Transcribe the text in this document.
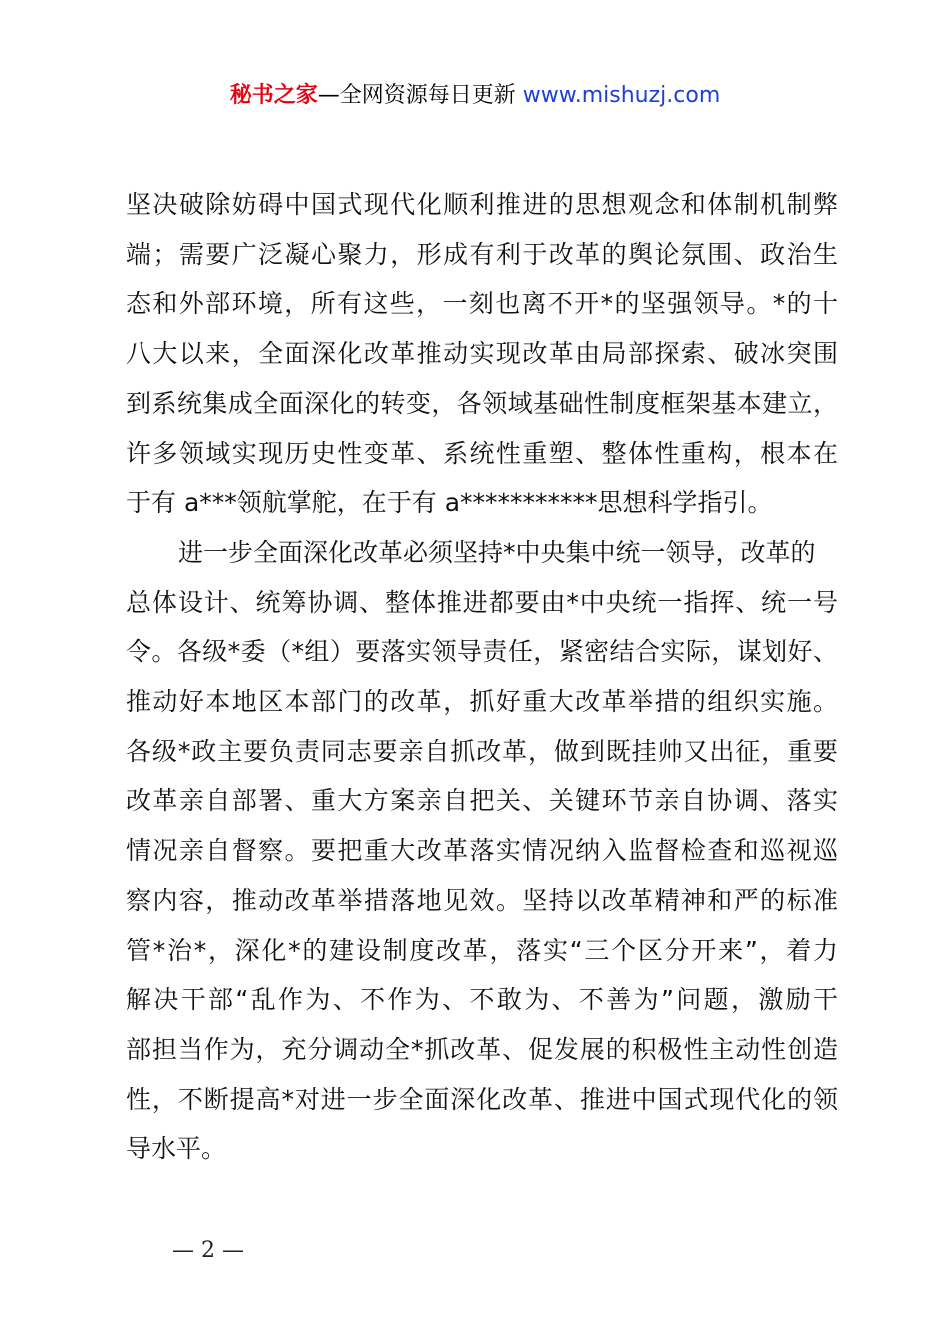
秘书之家—全网资源每日更新 www.mishuzj.com
坚决破除妨碍中国式现代化顺利推进的思想观念和体制机制弊
端；需要广泛凝心聚力，形成有利于改革的舆论氛围、政治生
态和外部环境，所有这些，一刻也离不开*的坚强领导。*的十
八大以来，全面深化改革推动实现改革由局部探索、破冰突围
到系统集成全面深化的转变，各领域基础性制度框架基本建立，
许多领域实现历史性变革、系统性重塑、整体性重构，根本在
于有 a***领航掌舵，在于有 a***********思想科学指引。
进一步全面深化改革必须坚持*中央集中统一领导，改革的
总体设计、统筹协调、整体推进都要由*中央统一指挥、统一号
令。各级*委（*组）要落实领导责任，紧密结合实际，谋划好、
推动好本地区本部门的改革，抓好重大改革举措的组织实施。
各级*政主要负责同志要亲自抓改革，做到既挂帅又出征，重要
改革亲自部署、重大方案亲自把关、关键环节亲自协调、落实
情况亲自督察。要把重大改革落实情况纳入监督检查和巡视巡
察内容，推动改革举措落地见效。坚持以改革精神和严的标准
管*治*，深化*的建设制度改革，落实“三个区分开来”，着力
解决干部“乱作为、不作为、不敢为、不善为”问题，激励干
部担当作为，充分调动全*抓改革、促发展的积极性主动性创造
性，不断提高*对进一步全面深化改革、推进中国式现代化的领
导水平。
— 2 —
